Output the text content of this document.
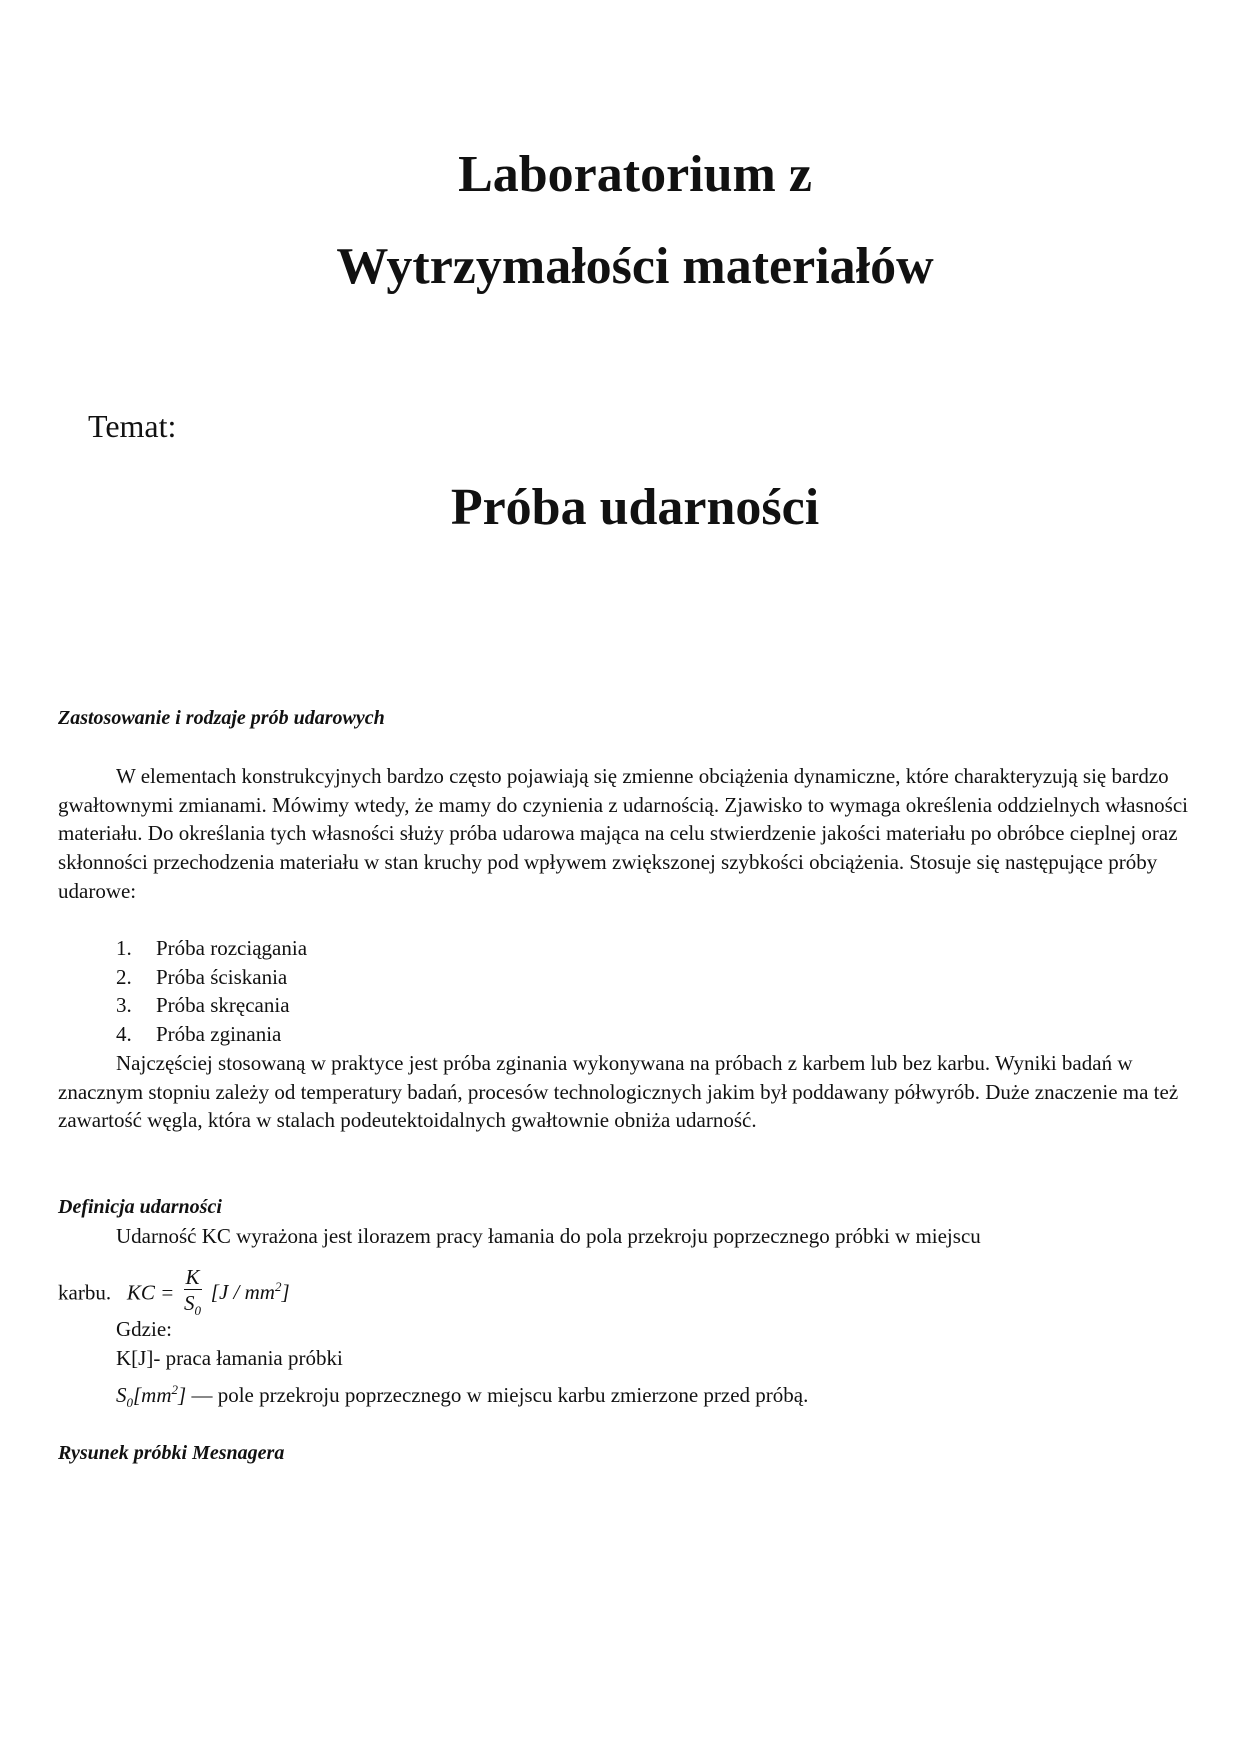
Laboratorium z
Wytrzymałości materiałów

Temat:

Próba udarności

Zastosowanie i rodzaje prób udarowych

W elementach konstrukcyjnych bardzo często pojawiają się zmienne obciążenia dynamiczne, które charakteryzują się bardzo gwałtownymi zmianami. Mówimy wtedy, że mamy do czynienia z udarnością. Zjawisko to wymaga określenia oddzielnych własności materiału. Do określania tych własności służy próba udarowa mająca na celu stwierdzenie jakości materiału po obróbce cieplnej oraz skłonności przechodzenia materiału w stan kruchy pod wpływem zwiększonej szybkości obciążenia. Stosuje się następujące próby udarowe:

1. Próba rozciągania
2. Próba ściskania
3. Próba skręcania
4. Próba zginania

Najczęściej stosowaną w praktyce jest próba zginania wykonywana na próbach z karbem lub bez karbu. Wyniki badań w znacznym stopniu zależy od temperatury badań, procesów technologicznych jakim był poddawany półwyrób. Duże znaczenie ma też zawartość węgla, która w stalach podeutektoidalnych gwałtownie obniża udarność.

Definicja udarności

Udarność KC wyrażona jest ilorazem pracy łamania do pola przekroju poprzecznego próbki w miejscu

karbu. KC = $\frac{K}{S_0} [J / mm^2]$

Gdzie:

K[J]- praca łamania próbki

$S_0[mm^2]$ — pole przekroju poprzecznego w miejscu karbu zmierzone przed próbą.

Rysunek próbki Mesnagera
